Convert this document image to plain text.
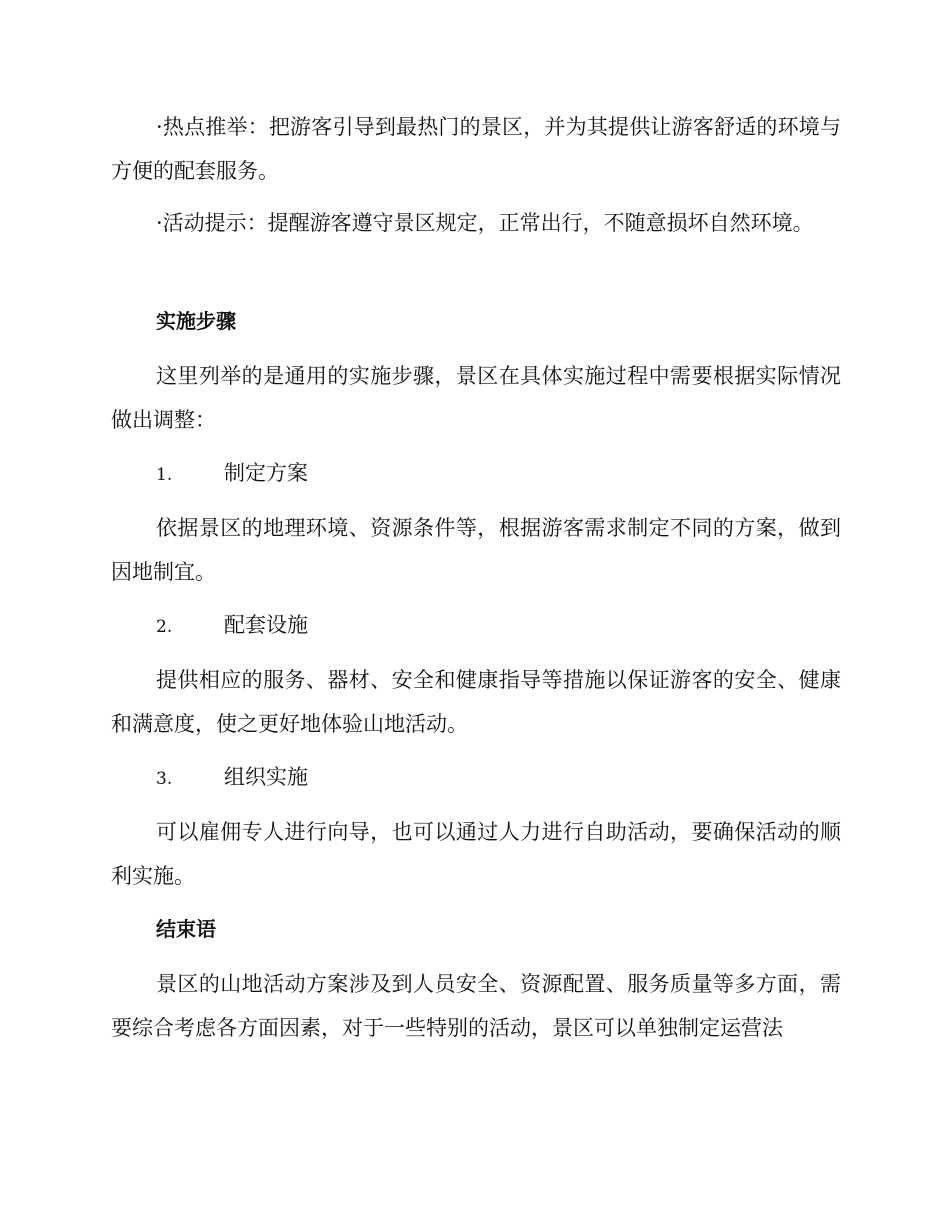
·热点推举：把游客引导到最热门的景区，并为其提供让游客舒适的环境与方便的配套服务。

·活动提示：提醒游客遵守景区规定，正常出行，不随意损坏自然环境。

实施步骤

这里列举的是通用的实施步骤，景区在具体实施过程中需要根据实际情况做出调整：

1. 制定方案

依据景区的地理环境、资源条件等，根据游客需求制定不同的方案，做到因地制宜。

2. 配套设施

提供相应的服务、器材、安全和健康指导等措施以保证游客的安全、健康和满意度，使之更好地体验山地活动。

3. 组织实施

可以雇佣专人进行向导，也可以通过人力进行自助活动，要确保活动的顺利实施。

结束语

景区的山地活动方案涉及到人员安全、资源配置、服务质量等多方面，需要综合考虑各方面因素，对于一些特别的活动，景区可以单独制定运营法
